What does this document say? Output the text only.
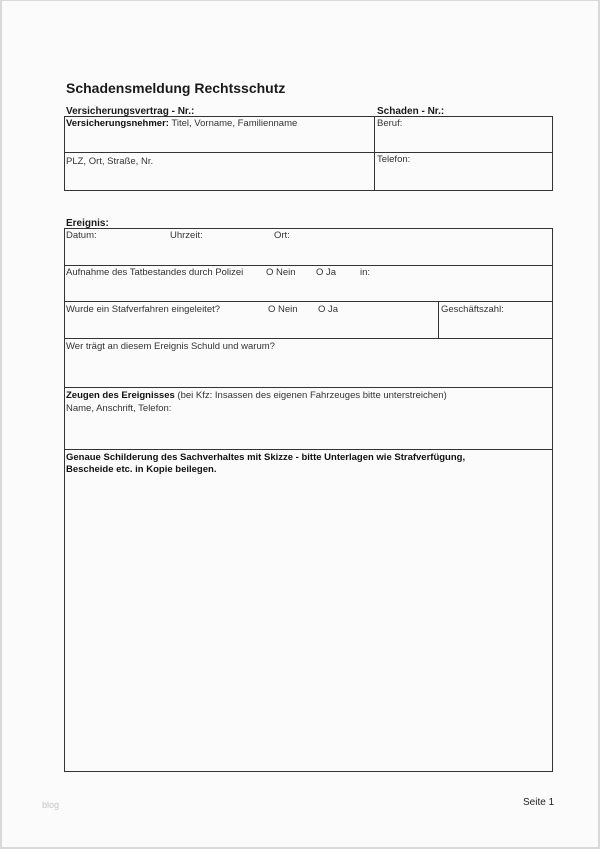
Schadensmeldung Rechtsschutz
Versicherungsvertrag - Nr.:	Schaden - Nr.:
Versicherungsnehmer: Titel, Vorname, Familienname	Beruf:
PLZ, Ort, Straße, Nr.	Telefon:
Ereignis:
Datum:	Uhrzeit:	Ort:
Aufnahme des Tatbestandes durch Polizei O Nein O Ja	in:
Wurde ein Stafverfahren eingeleitet?	O Nein O Ja	Geschäftszahl:
Wer trägt an diesem Ereignis Schuld und warum?
Zeugen des Ereignisses (bei Kfz: Insassen des eigenen Fahrzeuges bitte unterstreichen)
Name, Anschrift, Telefon:
Genaue Schilderung des Sachverhaltes mit Skizze - bitte Unterlagen wie Strafverfügung,
Bescheide etc. in Kopie beilegen.
blog	Seite 1
